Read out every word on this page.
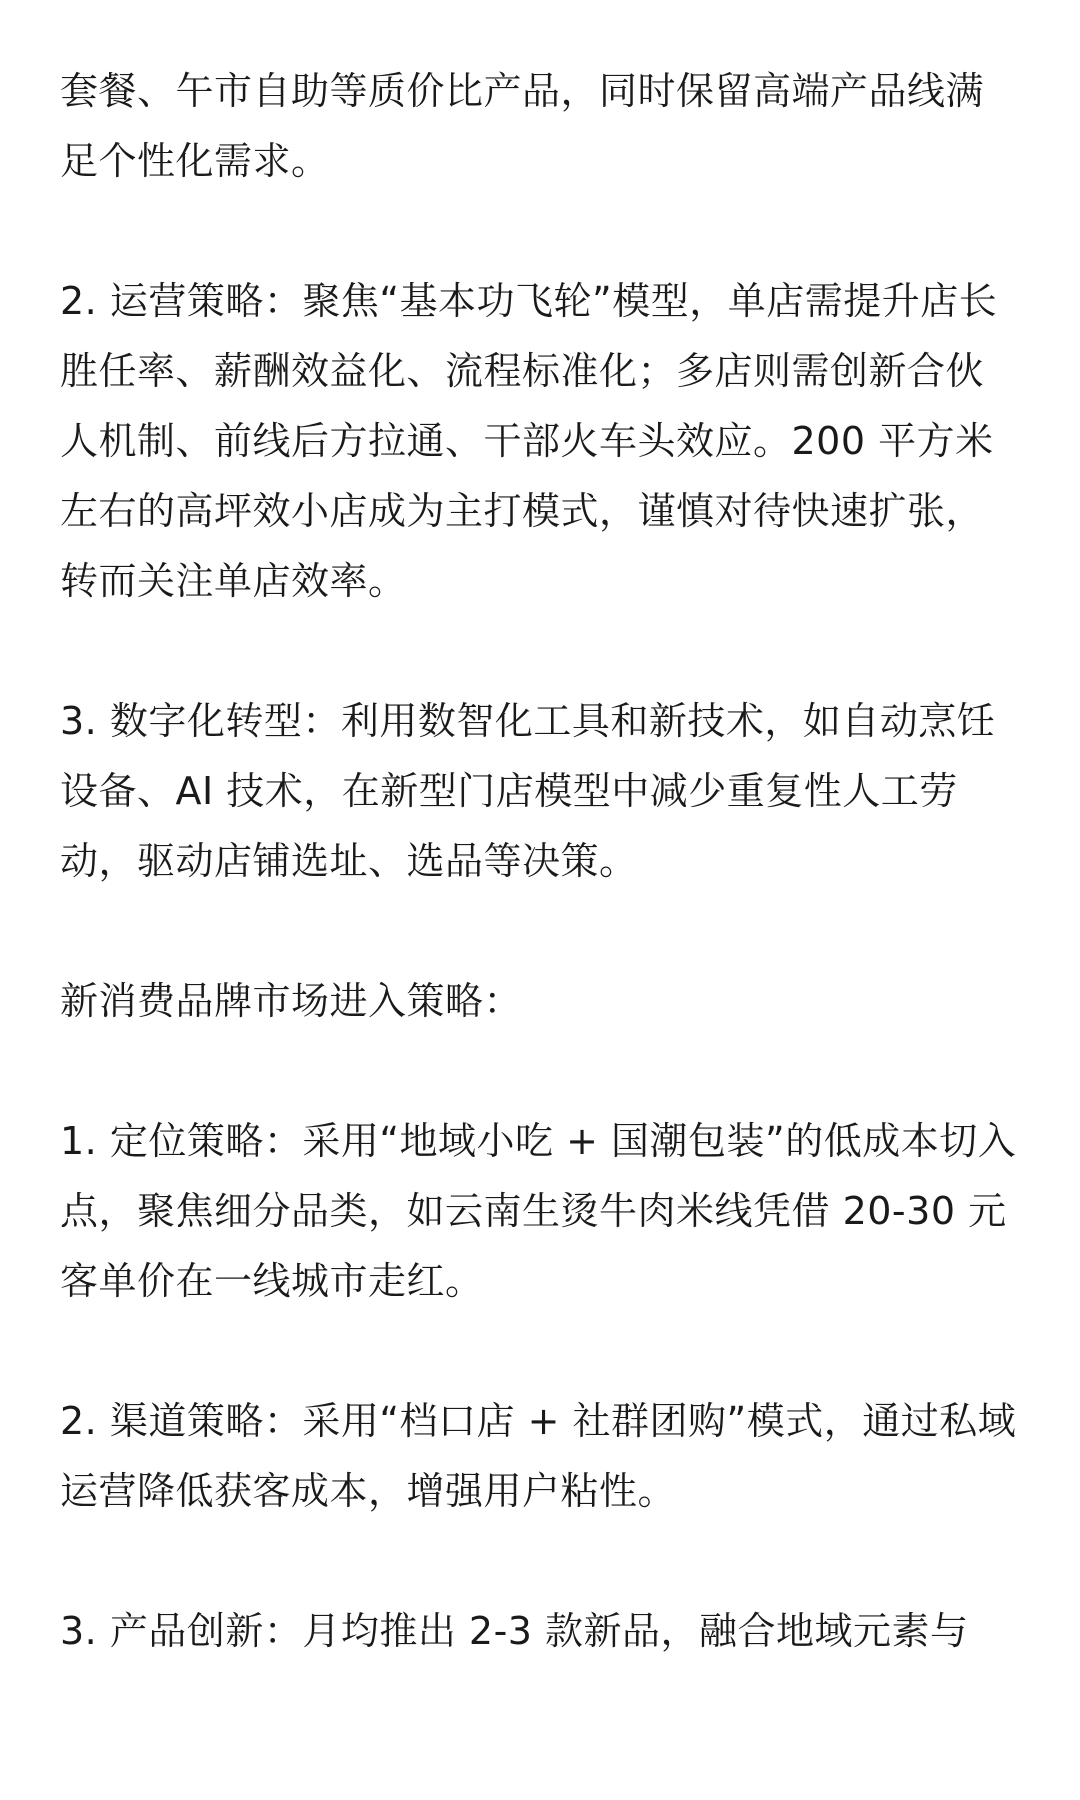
套餐、午市自助等质价比产品，同时保留高端产品线满足个性化需求。

2. 运营策略：聚焦“基本功飞轮”模型，单店需提升店长胜任率、薪酬效益化、流程标准化；多店则需创新合伙人机制、前线后方拉通、干部火车头效应。200 平方米左右的高坪效小店成为主打模式，谨慎对待快速扩张，转而关注单店效率。

3. 数字化转型：利用数智化工具和新技术，如自动烹饪设备、AI 技术，在新型门店模型中减少重复性人工劳动，驱动店铺选址、选品等决策。

新消费品牌市场进入策略：

1. 定位策略：采用“地域小吃 + 国潮包装”的低成本切入点，聚焦细分品类，如云南生烫牛肉米线凭借 20-30 元客单价在一线城市走红。

2. 渠道策略：采用“档口店 + 社群团购”模式，通过私域运营降低获客成本，增强用户粘性。

3. 产品创新：月均推出 2-3 款新品，融合地域元素与
